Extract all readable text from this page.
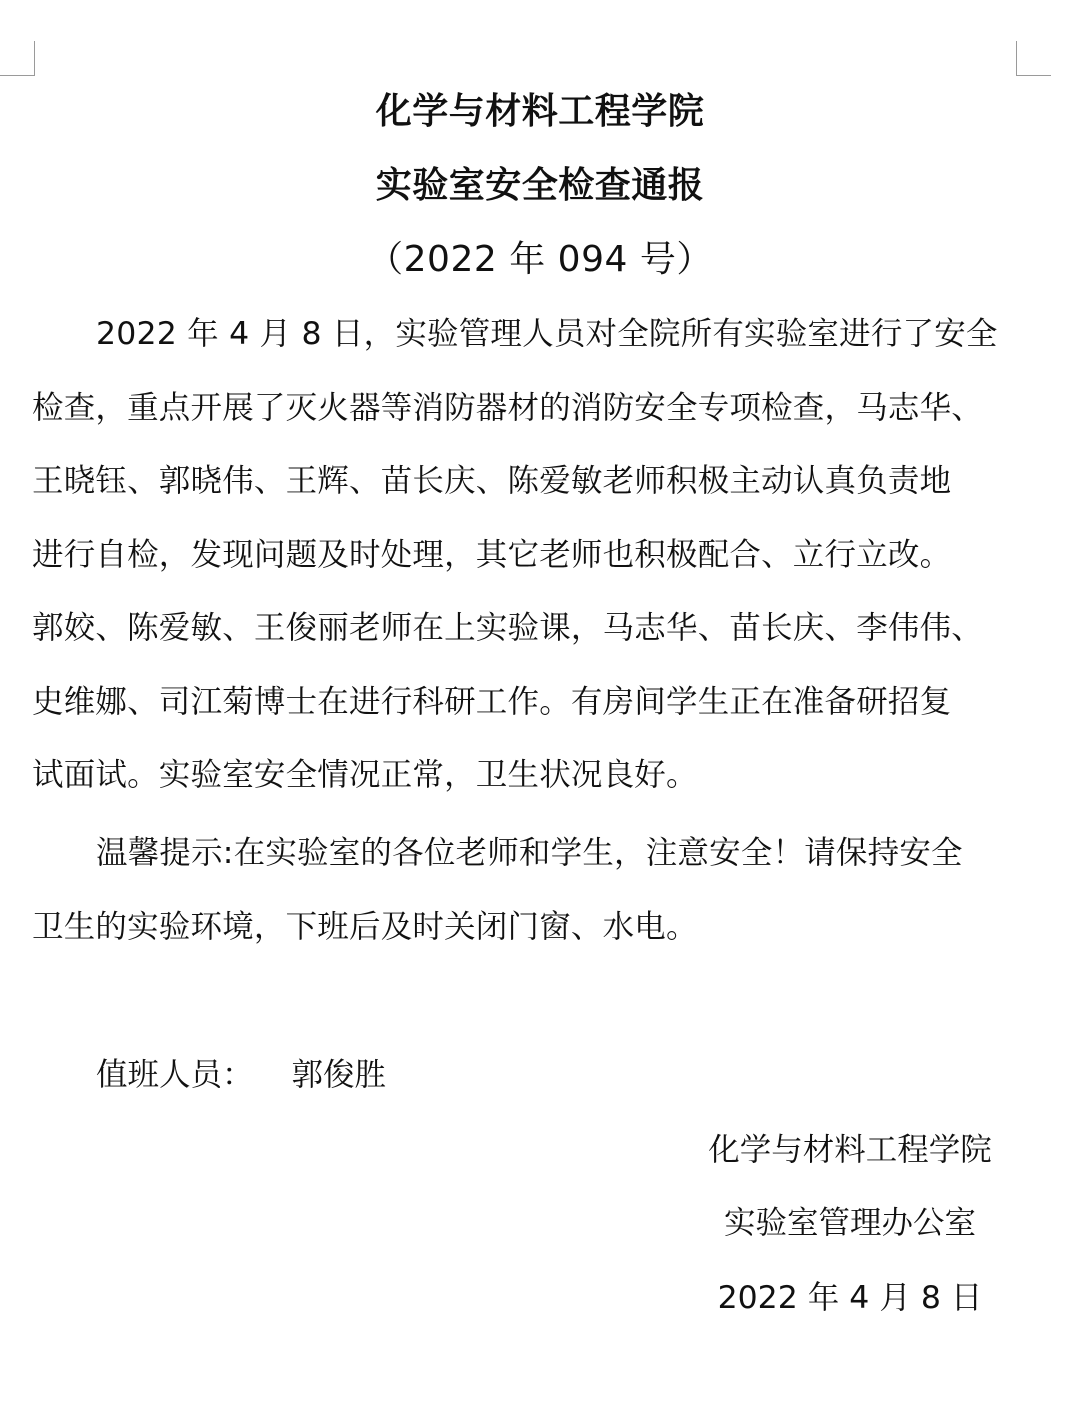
化学与材料工程学院
实验室安全检查通报
（2022 年 094 号）
2022 年 4 月 8 日，实验管理人员对全院所有实验室进行了安全
检查，重点开展了灭火器等消防器材的消防安全专项检查，马志华、
王晓钰、郭晓伟、王辉、苗长庆、陈爱敏老师积极主动认真负责地
进行自检，发现问题及时处理，其它老师也积极配合、立行立改。
郭姣、陈爱敏、王俊丽老师在上实验课，马志华、苗长庆、李伟伟、
史维娜、司江菊博士在进行科研工作。有房间学生正在准备研招复
试面试。实验室安全情况正常，卫生状况良好。
温馨提示:在实验室的各位老师和学生，注意安全！请保持安全
卫生的实验环境，下班后及时关闭门窗、水电。
值班人员： 郭俊胜
化学与材料工程学院
实验室管理办公室
2022 年 4 月 8 日
